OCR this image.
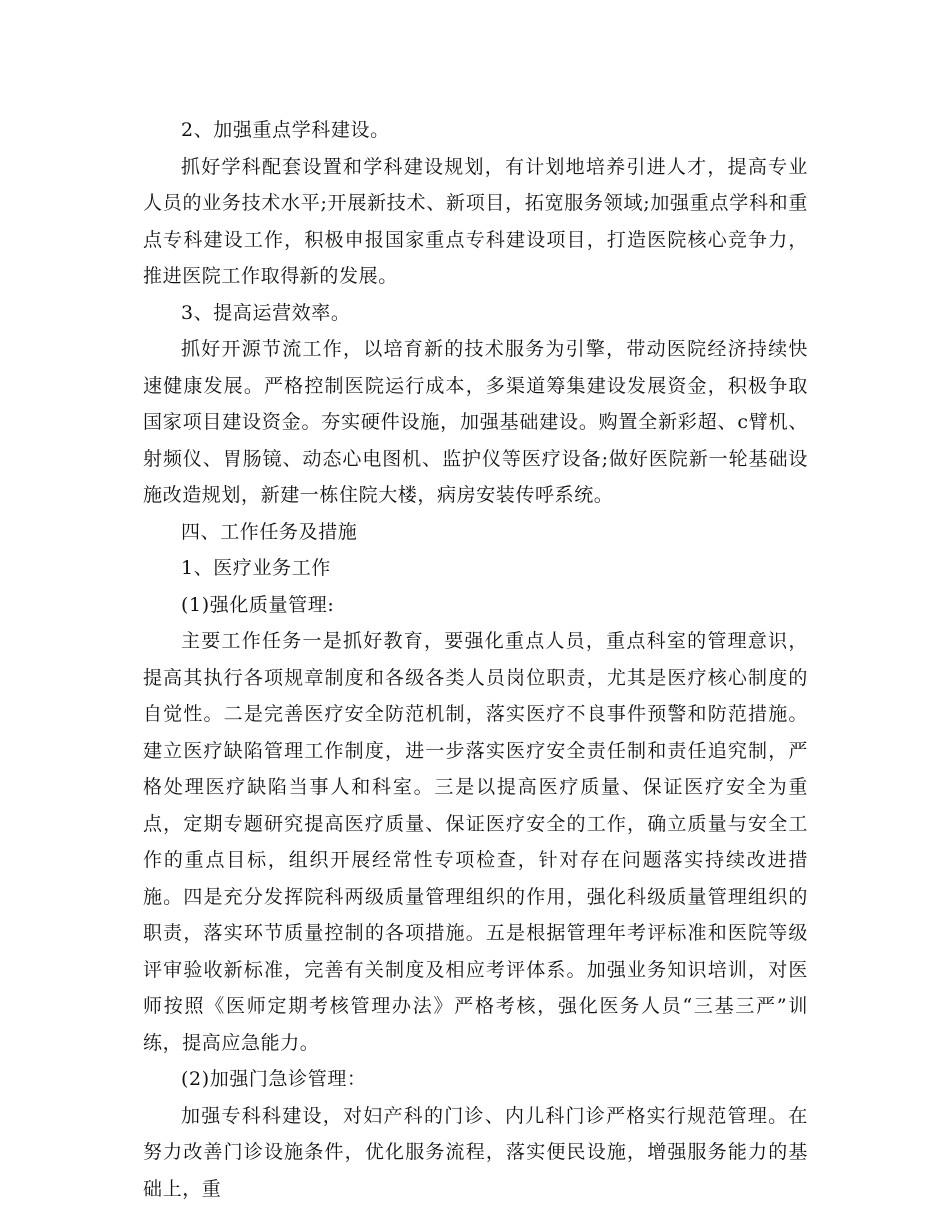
2、加强重点学科建设。

抓好学科配套设置和学科建设规划，有计划地培养引进人才，提高专业人员的业务技术水平;开展新技术、新项目，拓宽服务领域;加强重点学科和重点专科建设工作，积极申报国家重点专科建设项目，打造医院核心竞争力，推进医院工作取得新的发展。

3、提高运营效率。

抓好开源节流工作，以培育新的技术服务为引擎，带动医院经济持续快速健康发展。严格控制医院运行成本，多渠道筹集建设发展资金，积极争取国家项目建设资金。夯实硬件设施，加强基础建设。购置全新彩超、c臂机、射频仪、胃肠镜、动态心电图机、监护仪等医疗设备;做好医院新一轮基础设施改造规划，新建一栋住院大楼，病房安装传呼系统。

四、工作任务及措施

1、医疗业务工作

(1)强化质量管理:

主要工作任务一是抓好教育，要强化重点人员，重点科室的管理意识，提高其执行各项规章制度和各级各类人员岗位职责，尤其是医疗核心制度的自觉性。二是完善医疗安全防范机制，落实医疗不良事件预警和防范措施。建立医疗缺陷管理工作制度，进一步落实医疗安全责任制和责任追究制，严格处理医疗缺陷当事人和科室。三是以提高医疗质量、保证医疗安全为重点，定期专题研究提高医疗质量、保证医疗安全的工作，确立质量与安全工作的重点目标，组织开展经常性专项检查，针对存在问题落实持续改进措施。四是充分发挥院科两级质量管理组织的作用，强化科级质量管理组织的职责，落实环节质量控制的各项措施。五是根据管理年考评标准和医院等级评审验收新标准，完善有关制度及相应考评体系。加强业务知识培训，对医师按照《医师定期考核管理办法》严格考核，强化医务人员“三基三严”训练，提高应急能力。

(2)加强门急诊管理：

加强专科科建设，对妇产科的门诊、内儿科门诊严格实行规范管理。在努力改善门诊设施条件，优化服务流程，落实便民设施，增强服务能力的基础上，重
